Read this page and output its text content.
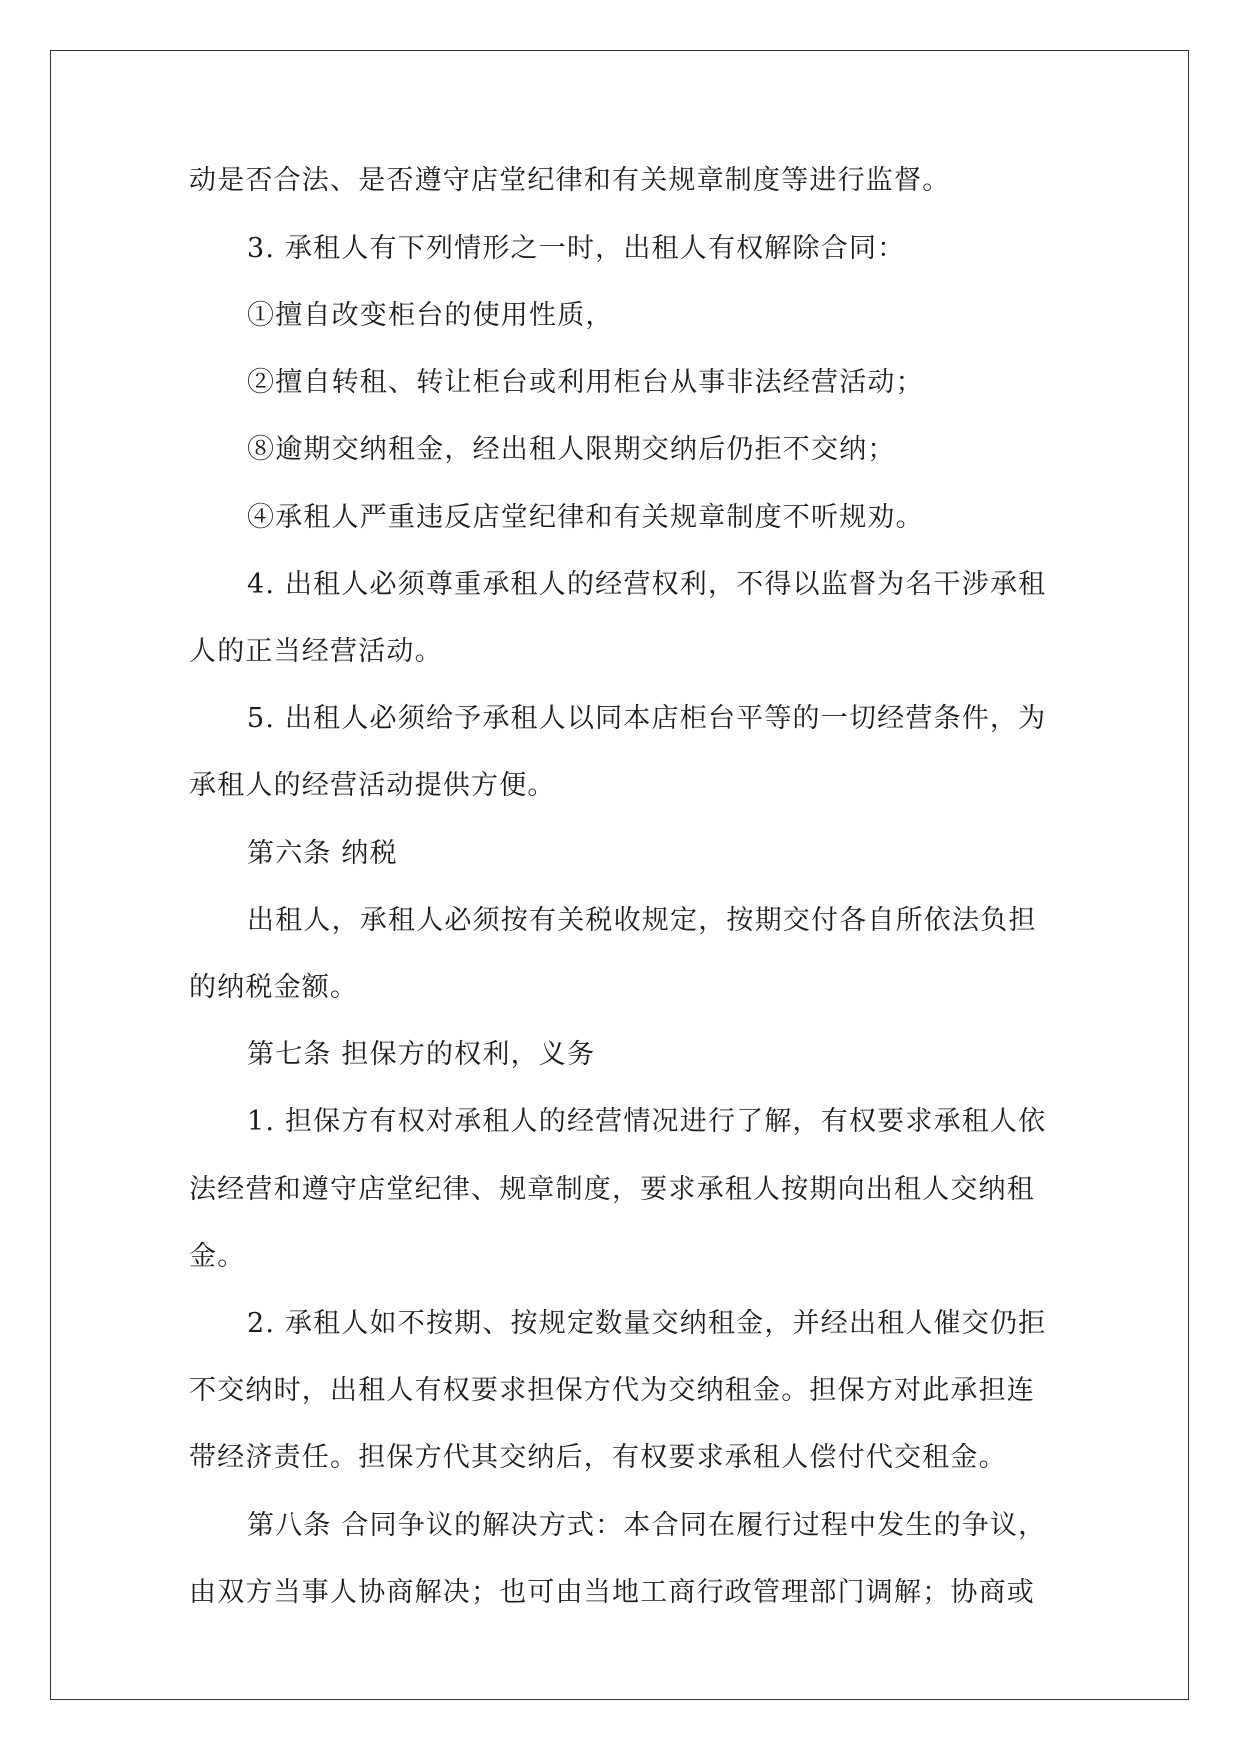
动是否合法、是否遵守店堂纪律和有关规章制度等进行监督。

3. 承租人有下列情形之一时，出租人有权解除合同：

①擅自改变柜台的使用性质，

②擅自转租、转让柜台或利用柜台从事非法经营活动；

⑧逾期交纳租金，经出租人限期交纳后仍拒不交纳；

④承租人严重违反店堂纪律和有关规章制度不听规劝。

4. 出租人必须尊重承租人的经营权利，不得以监督为名干涉承租

人的正当经营活动。

5. 出租人必须给予承租人以同本店柜台平等的一切经营条件，为

承租人的经营活动提供方便。

第六条 纳税

出租人，承租人必须按有关税收规定，按期交付各自所依法负担

的纳税金额。

第七条 担保方的权利，义务

1. 担保方有权对承租人的经营情况进行了解，有权要求承租人依

法经营和遵守店堂纪律、规章制度，要求承租人按期向出租人交纳租

金。

2. 承租人如不按期、按规定数量交纳租金，并经出租人催交仍拒

不交纳时，出租人有权要求担保方代为交纳租金。担保方对此承担连

带经济责任。担保方代其交纳后，有权要求承租人偿付代交租金。

第八条 合同争议的解决方式：本合同在履行过程中发生的争议，

由双方当事人协商解决；也可由当地工商行政管理部门调解；协商或
